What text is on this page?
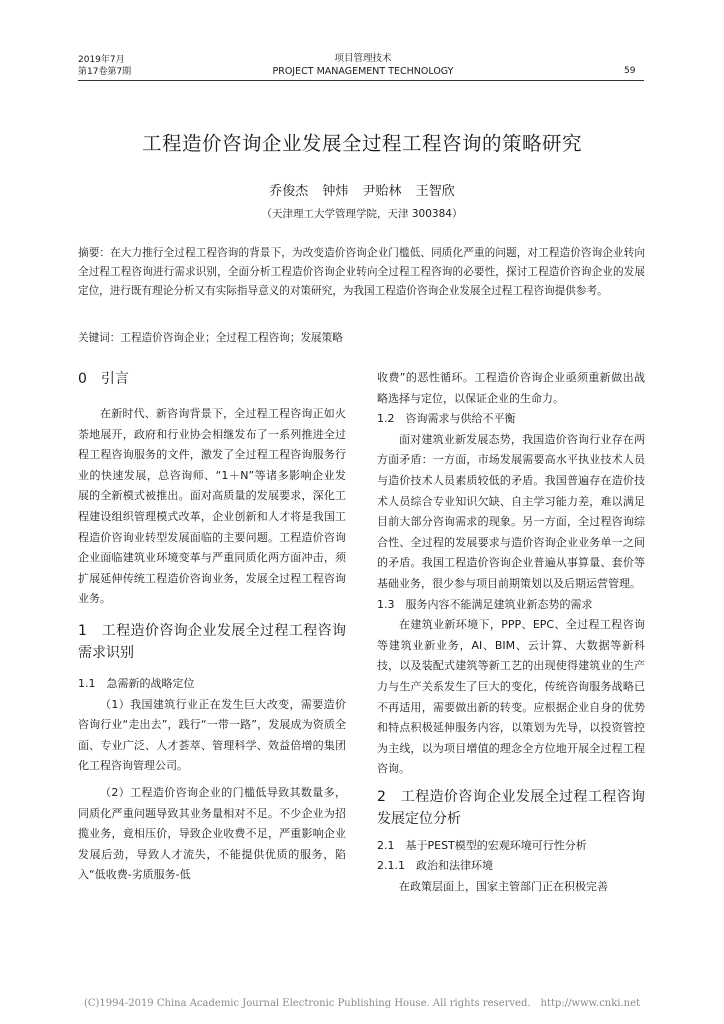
2019年7月
第17卷第7期
项目管理技术
PROJECT MANAGEMENT TECHNOLOGY	59
工程造价咨询企业发展全过程工程咨询的策略研究
乔俊杰 钟炜 尹贻林 王智欣
（天津理工大学管理学院，天津 300384）
摘要：在大力推行全过程工程咨询的背景下，为改变造价咨询企业门槛低、同质化严重的问题，对工程造价咨询企业转向全过程工程咨询进行需求识别，全面分析工程造价咨询企业转向全过程工程咨询的必要性，探讨工程造价咨询企业的发展定位，进行既有理论分析又有实际指导意义的对策研究，为我国工程造价咨询企业发展全过程工程咨询提供参考。
关键词：工程造价咨询企业；全过程工程咨询；发展策略

0　引言

在新时代、新咨询背景下，全过程工程咨询正如火荼地展开，政府和行业协会相继发布了一系列推进全过程工程咨询服务的文件，激发了全过程工程咨询服务行业的快速发展，总咨询师、“1＋N”等诸多影响企业发展的全新模式被推出。面对高质量的发展要求，深化工程建设组织管理模式改革，企业创新和人才将是我国工程造价咨询业转型发展面临的主要问题。工程造价咨询企业面临建筑业环境变革与严重同质化两方面冲击，须扩展延伸传统工程造价咨询业务，发展全过程工程咨询业务。

1　工程造价咨询企业发展全过程工程咨询需求识别

1.1　急需新的战略定位

（1）我国建筑行业正在发生巨大改变，需要造价咨询行业“走出去”，践行“一带一路”，发展成为资质全面、专业广泛、人才荟萃、管理科学、效益倍增的集团化工程咨询管理公司。

（2）工程造价咨询企业的门槛低导致其数量多，同质化严重问题导致其业务量相对不足。不少企业为招揽业务，竟相压价，导致企业收费不足，严重影响企业发展后劲，导致人才流失，不能提供优质的服务，陷入“低收费-劣质服务-低

收费”的恶性循环。工程造价咨询企业亟须重新做出战略选择与定位，以保证企业的生命力。

1.2　咨询需求与供给不平衡

面对建筑业新发展态势，我国造价咨询行业存在两方面矛盾：一方面，市场发展需要高水平执业技术人员与造价技术人员素质较低的矛盾。我国普遍存在造价技术人员综合专业知识欠缺、自主学习能力差，难以满足目前大部分咨询需求的现象。另一方面，全过程咨询综合性、全过程的发展要求与造价咨询企业业务单一之间的矛盾。我国工程造价咨询企业普遍从事算量、套价等基础业务，很少参与项目前期策划以及后期运营管理。

1.3　服务内容不能满足建筑业新态势的需求

在建筑业新环境下，PPP、EPC、全过程工程咨询等建筑业新业务，AI、BIM、云计算、大数据等新科技，以及装配式建筑等新工艺的出现使得建筑业的生产力与生产关系发生了巨大的变化，传统咨询服务战略已不再适用，需要做出新的转变。应根据企业自身的优势和特点积极延伸服务内容，以策划为先导，以投资管控为主线，以为项目增值的理念全方位地开展全过程工程咨询。

2　工程造价咨询企业发展全过程工程咨询发展定位分析

2.1　基于PEST模型的宏观环境可行性分析

2.1.1　政治和法律环境

在政策层面上，国家主管部门正在积极完善

(C)1994-2019 China Academic Journal Electronic Publishing House. All rights reserved.　http://www.cnki.net
